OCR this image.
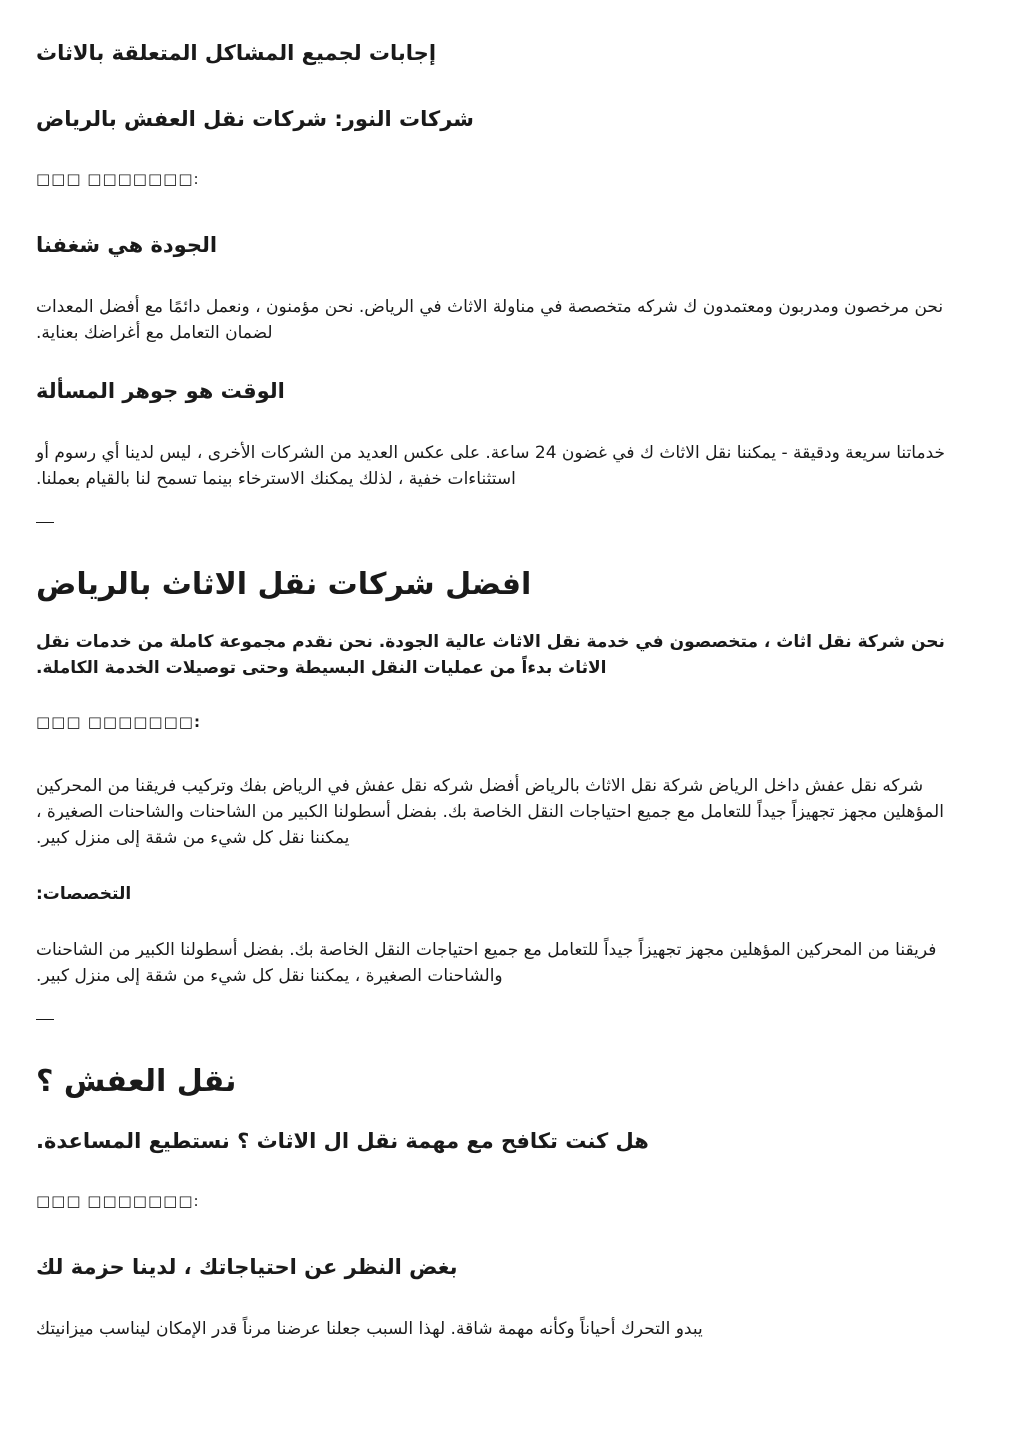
إجابات لجميع المشاكل المتعلقة بالاثاث
شركات النور: شركات نقل العفش بالرياض
□□□ □□□□□□□:
الجودة هي شغفنا
نحن مرخصون ومدربون ومعتمدون ك شركه متخصصة في مناولة الاثاث في الرياض. نحن مؤمنون ، ونعمل دائمًا مع أفضل المعدات لضمان التعامل مع أغراضك بعناية.
الوقت هو جوهر المسألة
خدماتنا سريعة ودقيقة - يمكننا نقل الاثاث ك في غضون 24 ساعة. على عكس العديد من الشركات الأخرى ، ليس لدينا أي رسوم أو استثناءات خفية ، لذلك يمكنك الاسترخاء بينما تسمح لنا بالقيام بعملنا.
افضل شركات نقل الاثاث بالرياض
نحن شركة نقل اثاث ، متخصصون في خدمة نقل الاثاث عالية الجودة. نحن نقدم مجموعة كاملة من خدمات نقل الاثاث بدءاً من عمليات النقل البسيطة وحتى توصيلات الخدمة الكاملة.
□□□ □□□□□□□:
شركه نقل عفش داخل الرياض شركة نقل الاثاث بالرياض أفضل شركه نقل عفش في الرياض بفك وتركيب فريقنا من المحركين المؤهلين مجهز تجهيزاً جيداً للتعامل مع جميع احتياجات النقل الخاصة بك. بفضل أسطولنا الكبير من الشاحنات والشاحنات الصغيرة ، يمكننا نقل كل شيء من شقة إلى منزل كبير.
التخصصات:
فريقنا من المحركين المؤهلين مجهز تجهيزاً جيداً للتعامل مع جميع احتياجات النقل الخاصة بك. بفضل أسطولنا الكبير من الشاحنات والشاحنات الصغيرة ، يمكننا نقل كل شيء من شقة إلى منزل كبير.
نقل العفش ؟
هل كنت تكافح مع مهمة نقل ال الاثاث ؟ نستطيع المساعدة.
□□□ □□□□□□□:
بغض النظر عن احتياجاتك ، لدينا حزمة لك
يبدو التحرك أحياناً وكأنه مهمة شاقة. لهذا السبب جعلنا عرضنا مرناً قدر الإمكان ليناسب ميزانيتك
